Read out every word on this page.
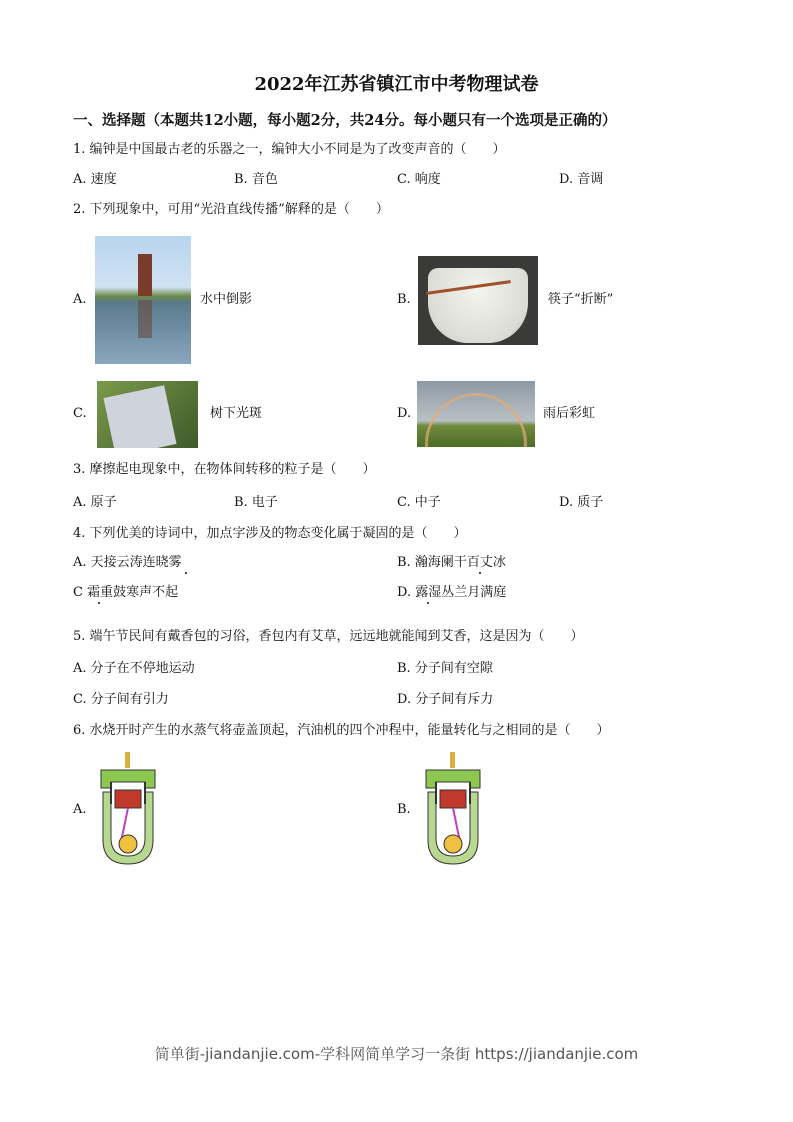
2022年江苏省镇江市中考物理试卷
一、选择题（本题共12小题，每小题2分，共24分。每小题只有一个选项是正确的）
1. 编钟是中国最古老的乐器之一，编钟大小不同是为了改变声音的（　　）
A. 速度	B. 音色	C. 响度	D. 音调
2. 下列现象中，可用“光沿直线传播”解释的是（　　）
A.	水中倒影	B.	筷子“折断”
C.	树下光斑	D.	雨后彩虹
3. 摩擦起电现象中，在物体间转移的粒子是（　　）
A. 原子	B. 电子	C. 中子	D. 质子
4. 下列优美的诗词中，加点字涉及的物态变化属于凝固的是（　　）
A. 天接云涛连晓雾	B. 瀚海阑干百丈冰
C 霜重鼓寒声不起	D. 露湿丛兰月满庭
5. 端午节民间有戴香包的习俗，香包内有艾草，远远地就能闻到艾香，这是因为（　　）
A. 分子在不停地运动	B. 分子间有空隙
C. 分子间有引力	D. 分子间有斥力
6. 水烧开时产生的水蒸气将壶盖顶起，汽油机的四个冲程中，能量转化与之相同的是（　　）
A.	B.
简单街-jiandanjie.com-学科网简单学习一条街 https://jiandanjie.com
